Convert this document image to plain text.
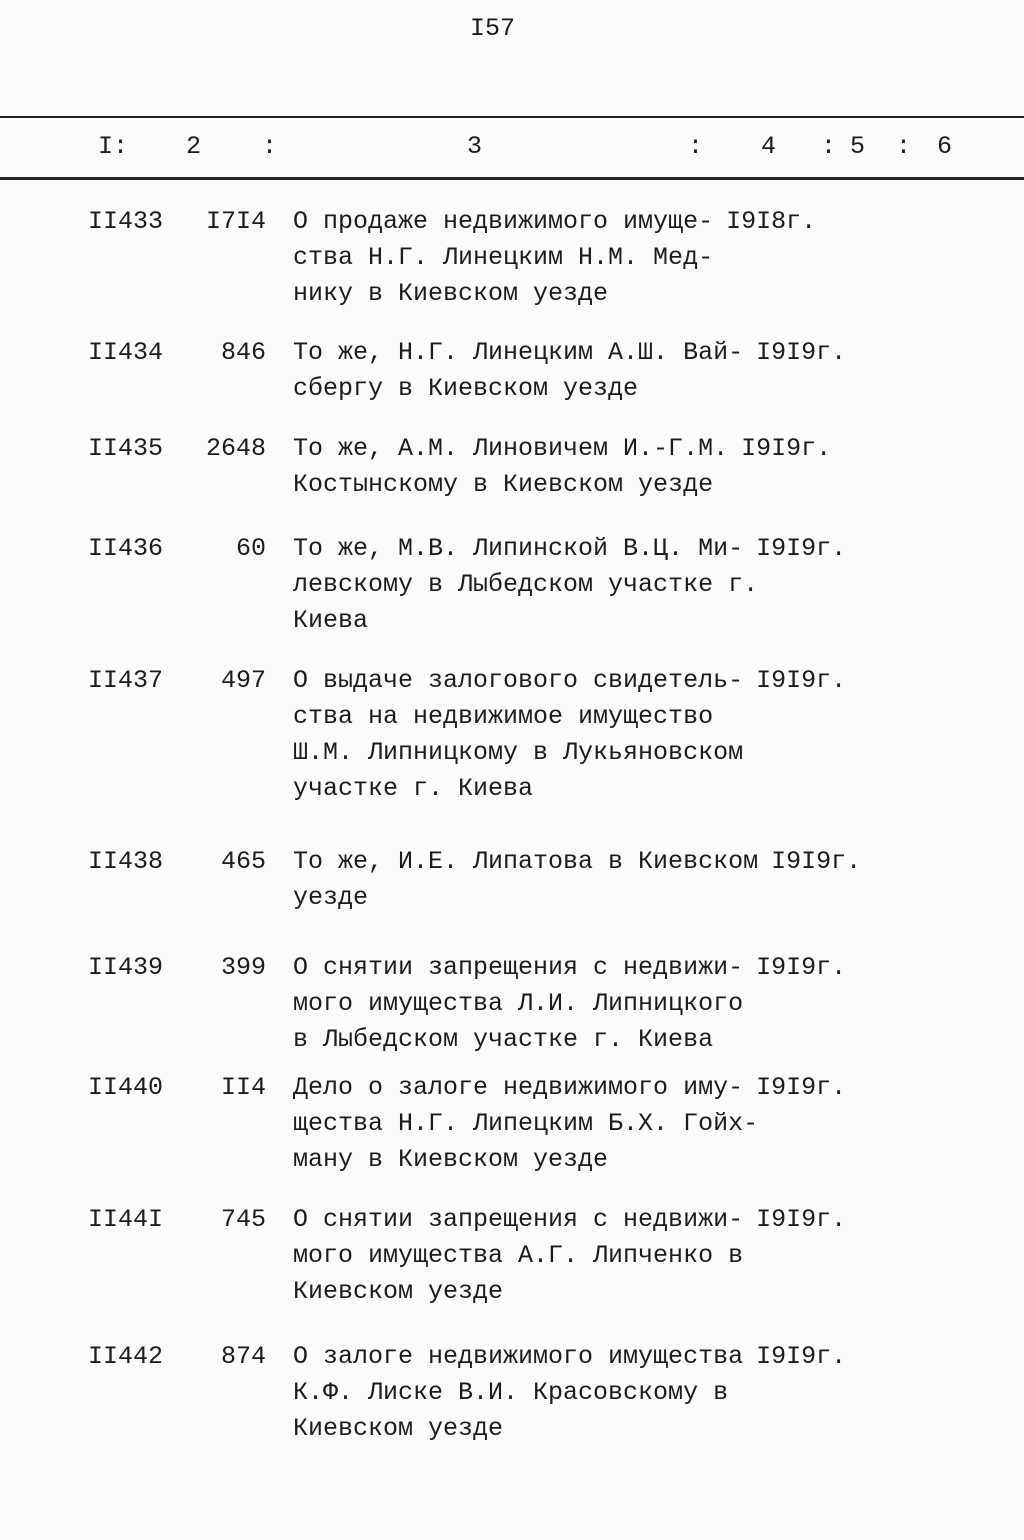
I57
I: 2 :	3	: 4 : 5 : 6
II433	I7I4 О продаже недвижимого имуще- I9I8г.
ства Н.Г. Линецким Н.М. Мед-
нику в Киевском уезде
II434	846 То же, Н.Г. Линецким А.Ш. Вай- I9I9г.
сбергу в Киевском уезде
II435	2648 То же, А.М. Линовичем И.-Г.М. I9I9г.
Костынскому в Киевском уезде
II436	60 То же, М.В. Липинской В.Ц. Ми- I9I9г.
левскому в Лыбедском участке г.
Киева
II437	497 О выдаче залогового свидетель- I9I9г.
ства на недвижимое имущество
Ш.М. Липницкому в Лукьяновском
участке г. Киева
II438	465 То же, И.Е. Липатова в Киевском I9I9г.
уезде
II439	399 О снятии запрещения с недвижи- I9I9г.
мого имущества Л.И. Липницкого
в Лыбедском участке г. Киева
II440	II4 Дело о залоге недвижимого иму- I9I9г.
щества Н.Г. Липецким Б.Х. Гойх-
ману в Киевском уезде
II44I	745 О снятии запрещения с недвижи- I9I9г.
мого имущества А.Г. Липченко в
Киевском уезде
II442	874 О залоге недвижимого имущества I9I9г.
К.Ф. Лиске В.И. Красовскому в
Киевском уезде
